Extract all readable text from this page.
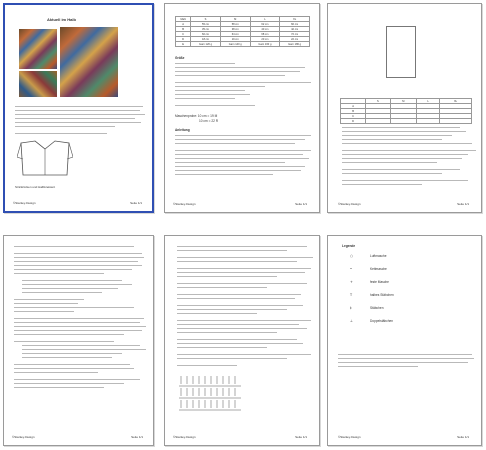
Aktuell im Halb
Strickrücken und Halbkreisteil.
©Stanley-Design	Seite 1/1
Maß	S	M	L	XL
A	55 cm	58 cm	62 cm	66 cm
B	35 cm	38 cm	40 cm	42 cm
C	60 cm	64 cm	68 cm	72 cm
D	18 cm	19 cm	20 cm	22 cm
E	Garn 120 g	Garn 140 g	Garn 160 g	Garn 180 g
Größe
Maschenprobe: 10 cm = 19 M
10 cm = 22 R
Anleitung
©Stanley-Design	Seite 1/1
	S	M	L	XL
A				
B				
C				
D				
©Stanley-Design	Seite 1/1
©Stanley-Design	Seite 1/1	©Stanley-Design	Seite 1/1
Legende
○	Luftmasche
•	Kettmasche
+	feste Masche
T	halbes Stäbchen
‡	Stäbchen
⊥	Doppelstäbchen
©Stanley-Design	Seite 1/1
